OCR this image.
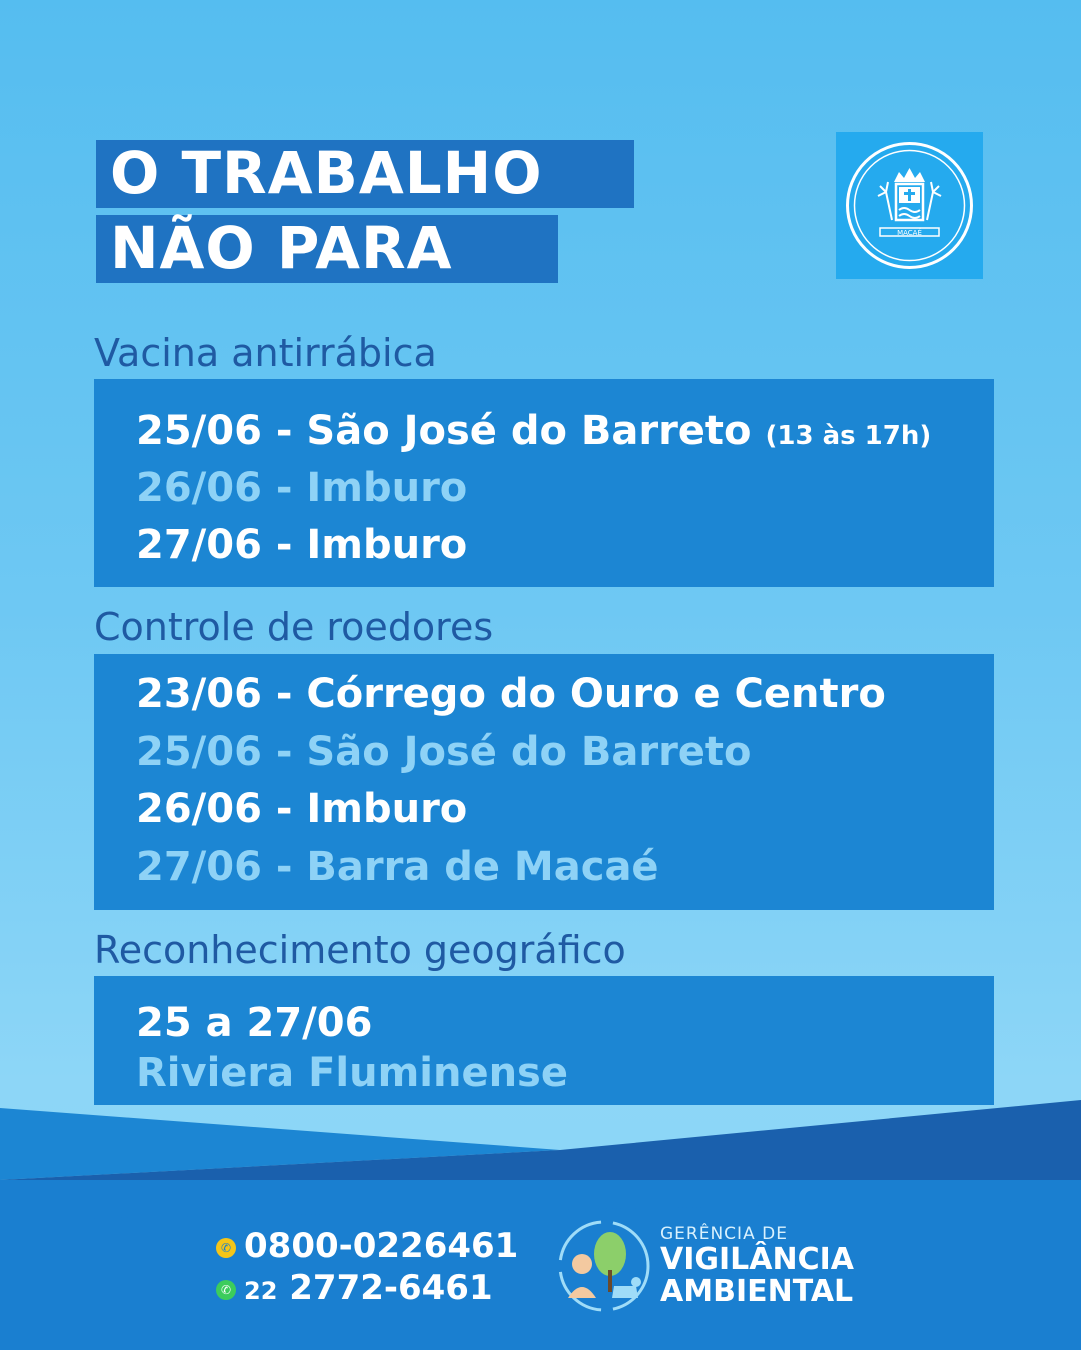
O TRABALHO
NÃO PARA	MACAÉ
Vacina antirrábica
25/06 - São José do Barreto (13 às 17h)
26/06 - Imburo
27/06 - Imburo
Controle de roedores
23/06 - Córrego do Ouro e Centro
25/06 - São José do Barreto
26/06 - Imburo
27/06 - Barra de Macaé
Reconhecimento geográfico
25 a 27/06
Riviera Fluminense
✆ 0800-0226461
✆ 22 2772-6461
GERÊNCIA DE
VIGILÂNCIA
AMBIENTAL
